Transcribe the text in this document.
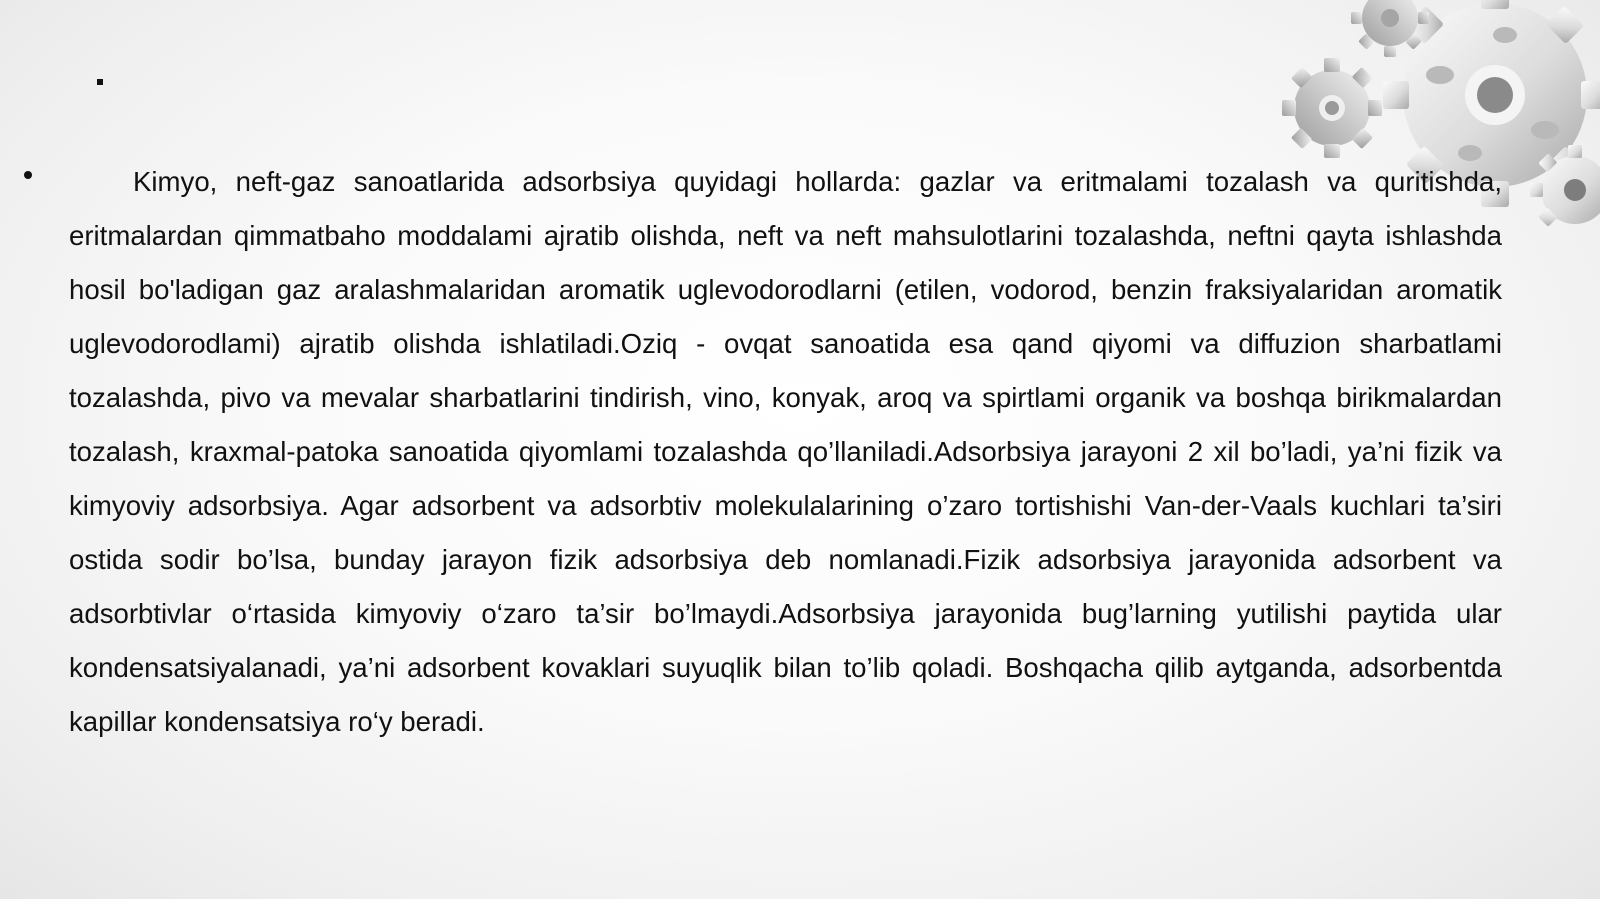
Kimyo, neft-gaz sanoatlarida adsorbsiya quyidagi hollarda: gazlar va eritmalami tozalash va quritishda, eritmalardan qimmatbaho moddalami ajratib olishda, neft va neft mahsulotlarini tozalashda, neftni qayta ishlashda hosil bo'ladigan gaz aralashmalaridan aromatik uglevodorodlarni (etilen, vodorod, benzin fraksiyalaridan aromatik uglevodorodlami) ajratib olishda ishlatiladi.Oziq - ovqat sanoatida esa qand qiyomi va diffuzion sharbatlami tozalashda, pivo va mevalar sharbatlarini tindirish, vino, konyak, aroq va spirtlami organik va boshqa birikmalardan tozalash, kraxmal-patoka sanoatida qiyomlami tozalashda qo’llaniladi.Adsorbsiya jarayoni 2 xil bo’ladi, ya’ni fizik va kimyoviy adsorbsiya. Agar adsorbent va adsorbtiv molekulalarining o’zaro tortishishi Van-der-Vaals kuchlari ta’siri ostida sodir bo’lsa, bunday jarayon fizik adsorbsiya deb nomlanadi.Fizik adsorbsiya jarayonida adsorbent va adsorbtivlar o‘rtasida kimyoviy o‘zaro ta’sir bo’lmaydi.Adsorbsiya jarayonida bug’larning yutilishi paytida ular kondensatsiyalanadi, ya’ni adsorbent kovaklari suyuqlik bilan to’lib qoladi. Boshqacha qilib aytganda, adsorbentda kapillar kondensatsiya ro‘y beradi.
